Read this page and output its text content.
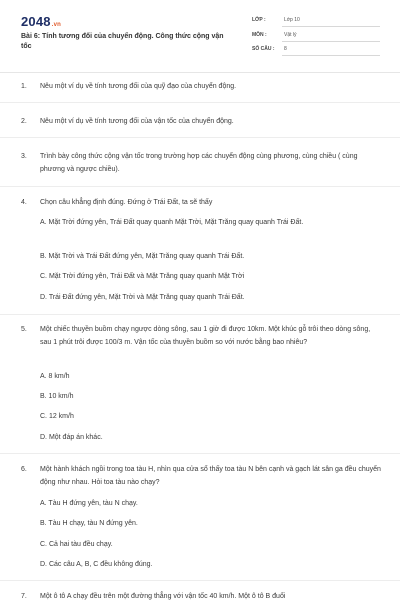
2048.vn
Bài 6: Tính tương đối của chuyển động. Công thức cộng vận tốc
LỚP :	Lớp 10
MÔN :	Vật lý
SỐ CÂU : 8
1. Nêu một ví dụ về tính tương đối của quỹ đạo của chuyển động.
2. Nêu một ví dụ về tính tương đối của vận tốc của chuyển động.
3. Trình bày công thức cộng vận tốc trong trường hợp các chuyển động cùng phương, cùng chiều ( cùng phương và ngược chiều).
4. Chọn câu khẳng định đúng. Đứng ở Trái Đất, ta sẽ thấy
A. Mặt Trời đứng yên, Trái Đất quay quanh Mặt Trời, Mặt Trăng quay quanh Trái Đất.
B. Mặt Trời và Trái Đất đứng yên, Mặt Trăng quay quanh Trái Đất.
C. Mặt Trời đứng yên, Trái Đất và Mặt Trăng quay quanh Mặt Trời
D. Trái Đất đứng yên, Mặt Trời và Mặt Trăng quay quanh Trái Đất.
5. Một chiếc thuyền buồm chạy ngược dòng sông, sau 1 giờ đi được 10km. Một khúc gỗ trôi theo dòng sông, sau 1 phút trôi được 100/3 m. Vận tốc của thuyền buồm so với nước bằng bao nhiêu?
A. 8 km/h
B. 10 km/h
C. 12 km/h
D. Một đáp án khác.
6. Một hành khách ngồi trong toa tàu H, nhìn qua cửa sổ thấy toa tàu N bên cạnh và gạch lát sân ga đều chuyển động như nhau. Hỏi toa tàu nào chạy?
A. Tàu H đứng yên, tàu N chạy.
B. Tàu H chạy, tàu N đứng yên.
C. Cả hai tàu đều chạy.
D. Các câu A, B, C đều không đúng.
7. Một ô tô A chạy đều trên một đường thẳng với vận tốc 40 km/h. Một ô tô B đuổi
